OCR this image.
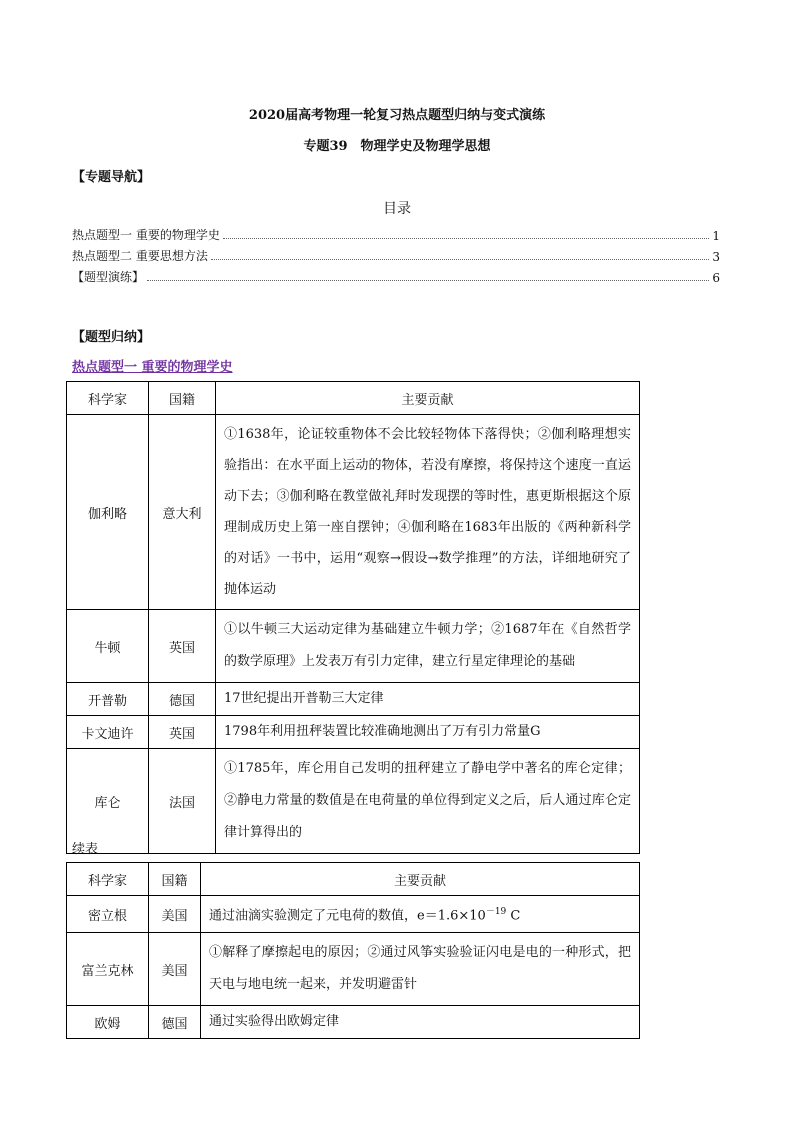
2020届高考物理一轮复习热点题型归纳与变式演练
专题39　物理学史及物理学思想
【专题导航】
目录
热点题型一 重要的物理学史	1
热点题型二 重要思想方法	3
【题型演练】	6
【题型归纳】
热点题型一 重要的物理学史
科学家	国籍	主要贡献
伽利略	意大利	①1638年，论证较重物体不会比较轻物体下落得快；②伽利略理想实验指出：在水平面上运动的物体，若没有摩擦，将保持这个速度一直运动下去；③伽利略在教堂做礼拜时发现摆的等时性，惠更斯根据这个原理制成历史上第一座自摆钟；④伽利略在1683年出版的《两种新科学的对话》一书中，运用“观察→假设→数学推理”的方法，详细地研究了抛体运动
牛顿	英国	①以牛顿三大运动定律为基础建立牛顿力学；②1687年在《自然哲学的数学原理》上发表万有引力定律，建立行星定律理论的基础
开普勒	德国	17世纪提出开普勒三大定律
卡文迪许	英国	1798年利用扭秤装置比较准确地测出了万有引力常量G
库仑	法国	①1785年，库仑用自己发明的扭秤建立了静电学中著名的库仑定律；②静电力常量的数值是在电荷量的单位得到定义之后，后人通过库仑定律计算得出的
续表
科学家	国籍	主要贡献
密立根	美国	通过油滴实验测定了元电荷的数值，$e=1.6\times 10^{-19}$ C
富兰克林	美国	①解释了摩擦起电的原因；②通过风筝实验验证闪电是电的一种形式，把天电与地电统一起来，并发明避雷针
欧姆	德国	通过实验得出欧姆定律
